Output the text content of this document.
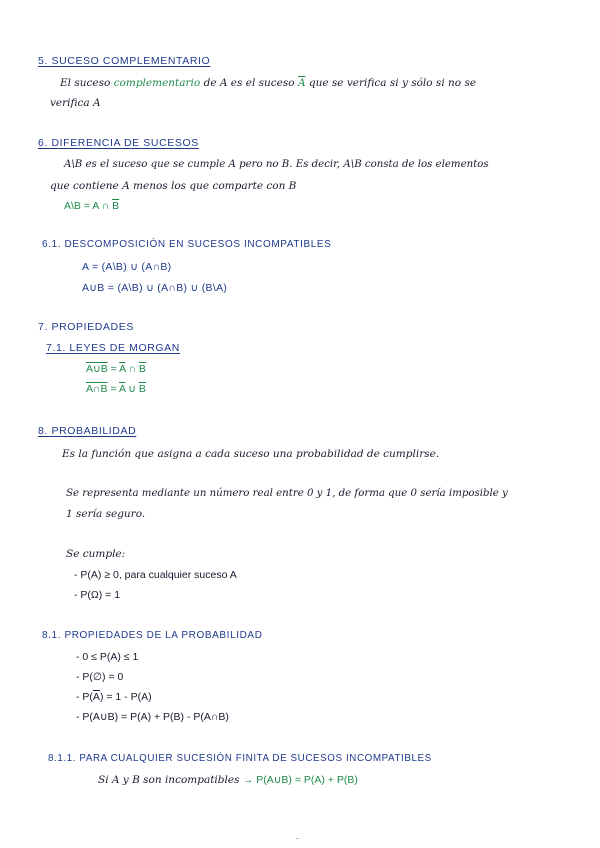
5. SUCESO COMPLEMENTARIO
El suceso complementario de A es el suceso $\overline{A}$ que se verifica si y sólo si no se
verifica A
6. DIFERENCIA DE SUCESOS
A\B es el suceso que se cumple A pero no B. Es decir, A\B consta de los elementos
que contiene A menos los que comparte con B
A\B = A ∩ $\overline{B}$
6.1. DESCOMPOSICIÓN EN SUCESOS INCOMPATIBLES
A = (A\B) ∪ (A∩B)
A∪B = (A\B) ∪ (A∩B) ∪ (B\A)
7. PROPIEDADES
7.1. LEYES DE MORGAN
A∪B = $\overline{A}$ ∩ $\overline{B}$
A∩B = $\overline{A}$ ∪ $\overline{B}$
8. PROBABILIDAD
Es la función que asigna a cada suceso una probabilidad de cumplirse.
Se representa mediante un número real entre 0 y 1, de forma que 0 sería imposible y
1 sería seguro.
Se cumple:
- P(A) ≥ 0, para cualquier suceso A
- P(Ω) = 1
8.1. PROPIEDADES DE LA PROBABILIDAD
- 0 ≤ P(A) ≤ 1
- P(∅) = 0
- $P(\overline{A}) = 1 - P(A)$
- P(A∪B) = P(A) + P(B) - P(A∩B)
8.1.1. PARA CUALQUIER SUCESIÓN FINITA DE SUCESOS INCOMPATIBLES
Si A y B son incompatibles → P(A∪B) = P(A) + P(B)
